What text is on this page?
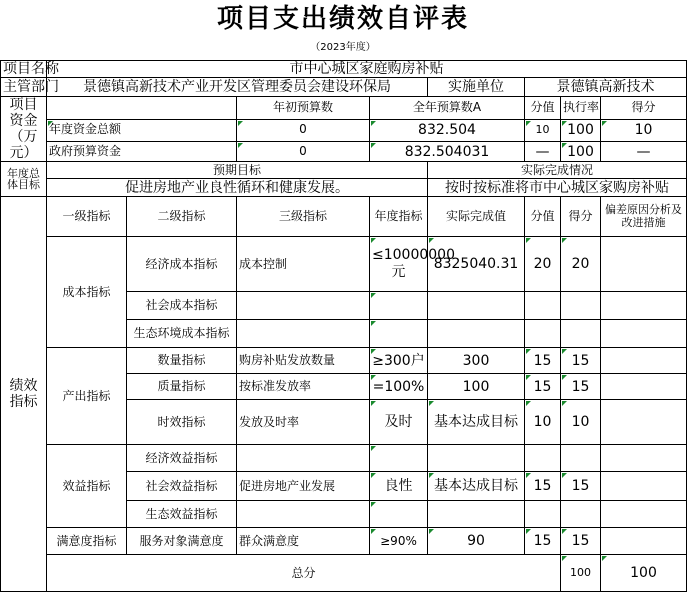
项目支出绩效自评表
（2023年度）
项目名称	市中心城区家庭购房补贴								
主管部门	景德镇高新技术产业开发区管理委员会建设环保局				实施单位	景德镇高新技术			
项目资金（万元）			年初预算数	全年预算数A		分值	执行率	得分	
	年度资金总额		0	832.504		10	100	10	
	政府预算资金		0	832.504031		—	100	—	
年度总体目标	预期目标				实际完成情况				
	促进房地产业良性循环和健康发展。				按时按标准将市中心城区家购房补贴				
绩效指标	一级指标	二级指标	三级指标	年度指标	实际完成值	分值	得分	偏差原因分析及改进措施	
	成本指标	经济成本指标	成本控制	≤10000000元	8325040.31	20	20		
		社会成本指标							
		生态环境成本指标							
	产出指标	数量指标	购房补贴发放数量	≥300户	300	15	15		
		质量指标	按标准发放率	=100%	100	15	15		
		时效指标	发放及时率	及时	基本达成目标	10	10		
	效益指标	经济效益指标							
		社会效益指标	促进房地产业发展	良性	基本达成目标	15	15		
		生态效益指标							
	满意度指标	服务对象满意度	群众满意度	≥90%	90	15	15		
	总分						100	100	
